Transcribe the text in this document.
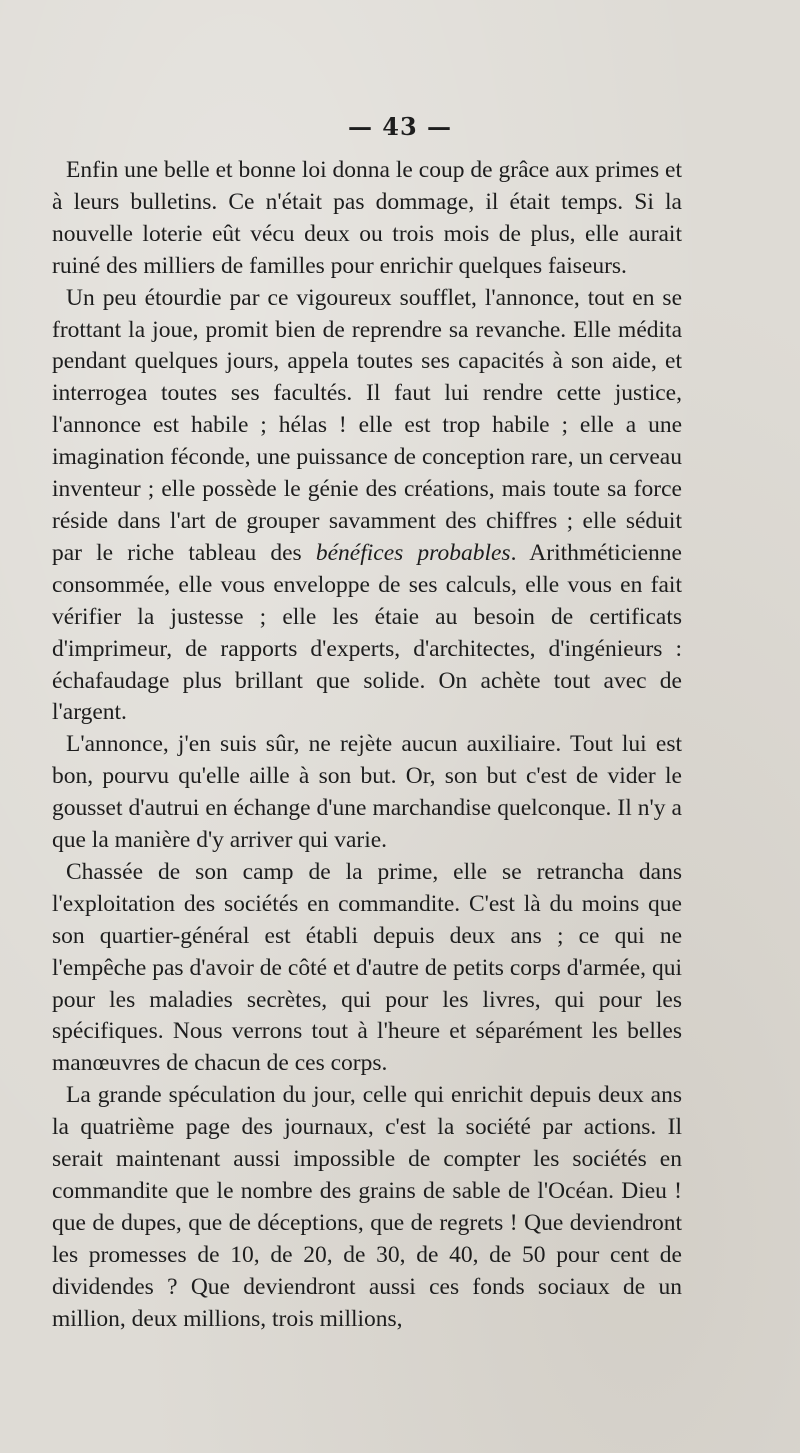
— 43 —

Enfin une belle et bonne loi donna le coup de grâce aux primes et à leurs bulletins. Ce n'était pas dommage, il était temps. Si la nouvelle loterie eût vécu deux ou trois mois de plus, elle aurait ruiné des milliers de familles pour enrichir quelques faiseurs.

Un peu étourdie par ce vigoureux soufflet, l'annonce, tout en se frottant la joue, promit bien de reprendre sa revanche. Elle médita pendant quelques jours, appela toutes ses capacités à son aide, et interrogea toutes ses facultés. Il faut lui rendre cette justice, l'annonce est habile ; hélas ! elle est trop habile ; elle a une imagination féconde, une puissance de conception rare, un cerveau inventeur ; elle possède le génie des créations, mais toute sa force réside dans l'art de grouper savamment des chiffres ; elle séduit par le riche tableau des bénéfices probables. Arithméticienne consommée, elle vous enveloppe de ses calculs, elle vous en fait vérifier la justesse ; elle les étaie au besoin de certificats d'imprimeur, de rapports d'experts, d'architectes, d'ingénieurs : échafaudage plus brillant que solide. On achète tout avec de l'argent.

L'annonce, j'en suis sûr, ne rejète aucun auxiliaire. Tout lui est bon, pourvu qu'elle aille à son but. Or, son but c'est de vider le gousset d'autrui en échange d'une marchandise quelconque. Il n'y a que la manière d'y arriver qui varie.

Chassée de son camp de la prime, elle se retrancha dans l'exploitation des sociétés en commandite. C'est là du moins que son quartier-général est établi depuis deux ans ; ce qui ne l'empêche pas d'avoir de côté et d'autre de petits corps d'armée, qui pour les maladies secrètes, qui pour les livres, qui pour les spécifiques. Nous verrons tout à l'heure et séparément les belles manœuvres de chacun de ces corps.

La grande spéculation du jour, celle qui enrichit depuis deux ans la quatrième page des journaux, c'est la société par actions. Il serait maintenant aussi impossible de compter les sociétés en commandite que le nombre des grains de sable de l'Océan. Dieu ! que de dupes, que de déceptions, que de regrets ! Que deviendront les promesses de 10, de 20, de 30, de 40, de 50 pour cent de dividendes ? Que deviendront aussi ces fonds sociaux de un million, deux millions, trois millions,
